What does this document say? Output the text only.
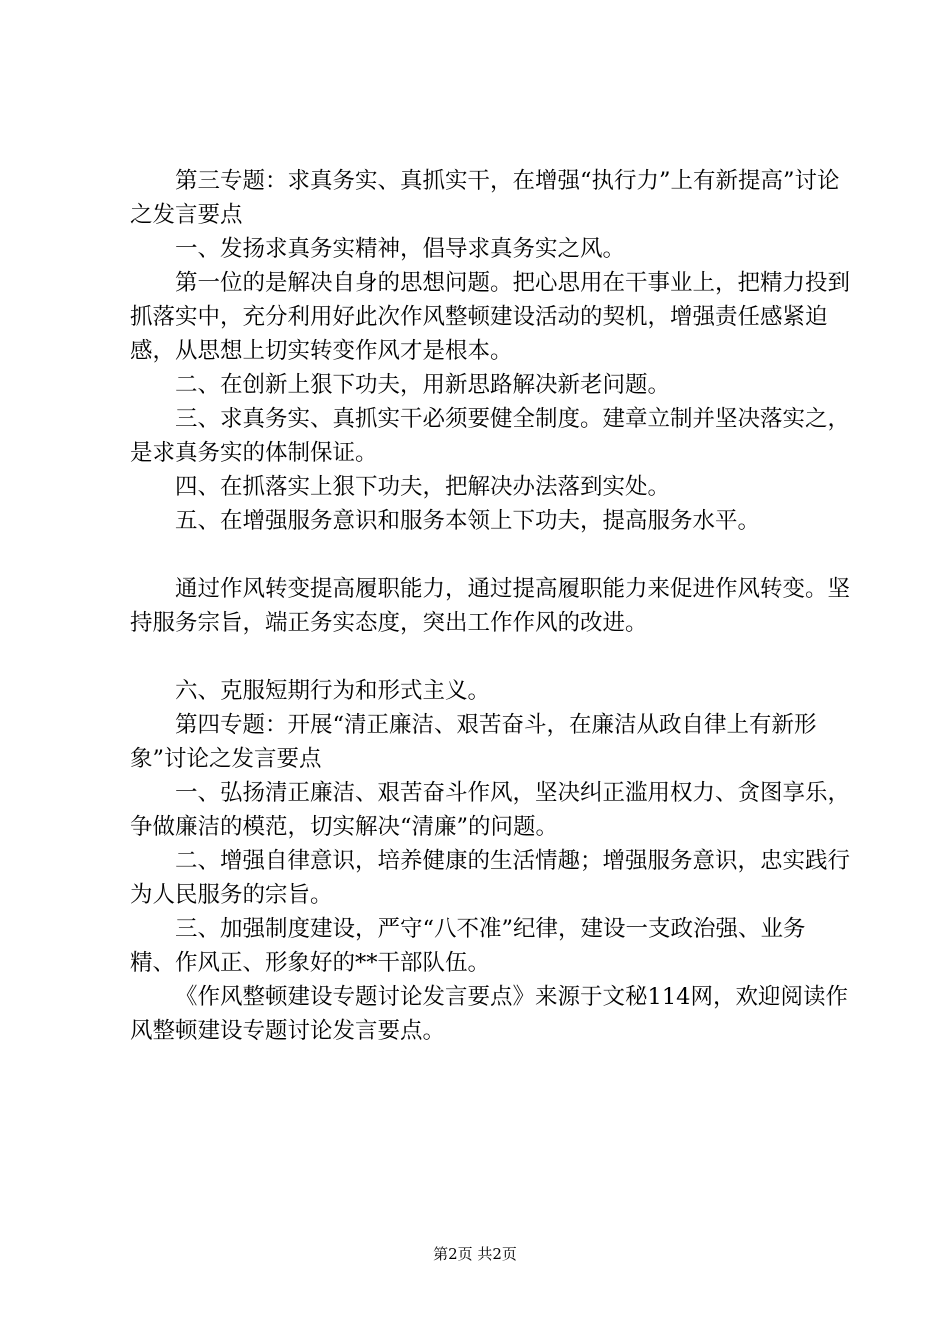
第三专题：求真务实、真抓实干，在增强“执行力”上有新提高”讨论之发言要点

一、发扬求真务实精神，倡导求真务实之风。

第一位的是解决自身的思想问题。把心思用在干事业上，把精力投到抓落实中，充分利用好此次作风整顿建设活动的契机，增强责任感紧迫感，从思想上切实转变作风才是根本。

二、在创新上狠下功夫，用新思路解决新老问题。

三、求真务实、真抓实干必须要健全制度。建章立制并坚决落实之，是求真务实的体制保证。

四、在抓落实上狠下功夫，把解决办法落到实处。

五、在增强服务意识和服务本领上下功夫，提高服务水平。

通过作风转变提高履职能力，通过提高履职能力来促进作风转变。坚持服务宗旨，端正务实态度，突出工作作风的改进。

六、克服短期行为和形式主义。

第四专题：开展“清正廉洁、艰苦奋斗，在廉洁从政自律上有新形象”讨论之发言要点

一、弘扬清正廉洁、艰苦奋斗作风，坚决纠正滥用权力、贪图享乐，争做廉洁的模范，切实解决“清廉”的问题。

二、增强自律意识，培养健康的生活情趣；增强服务意识，忠实践行为人民服务的宗旨。

三、加强制度建设，严守“八不准”纪律，建设一支政治强、业务精、作风正、形象好的**干部队伍。

《作风整顿建设专题讨论发言要点》来源于文秘114网，欢迎阅读作风整顿建设专题讨论发言要点。

第2页 共2页
